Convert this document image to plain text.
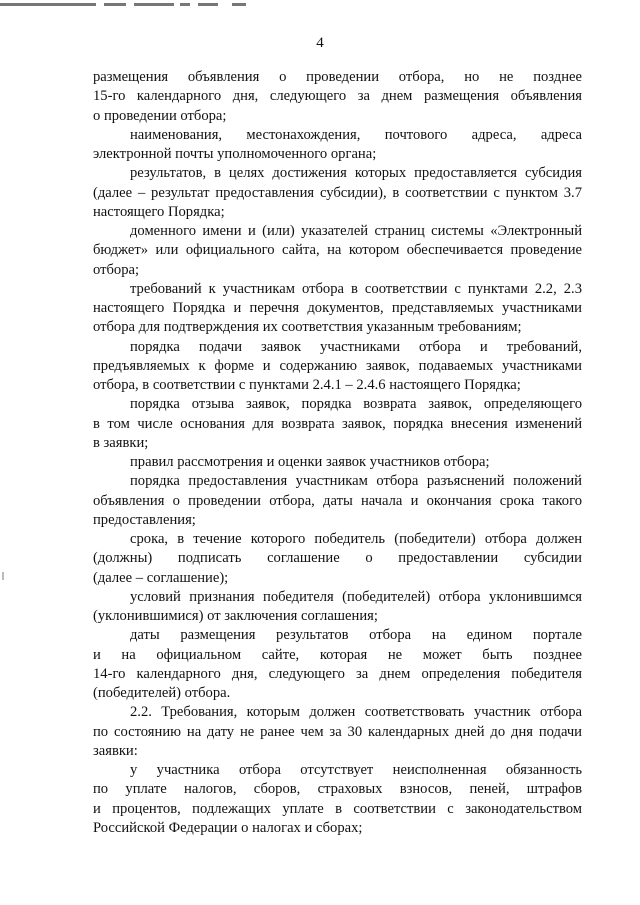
4
размещения объявления о проведении отбора, но не позднее
15-го календарного дня, следующего за днем размещения объявления
о проведении отбора;
наименования, местонахождения, почтового адреса, адреса
электронной почты уполномоченного органа;
результатов, в целях достижения которых предоставляется субсидия
(далее – результат предоставления субсидии), в соответствии с пунктом 3.7
настоящего Порядка;
доменного имени и (или) указателей страниц системы «Электронный
бюджет» или официального сайта, на котором обеспечивается проведение
отбора;
требований к участникам отбора в соответствии с пунктами 2.2, 2.3
настоящего Порядка и перечня документов, представляемых участниками
отбора для подтверждения их соответствия указанным требованиям;
порядка подачи заявок участниками отбора и требований,
предъявляемых к форме и содержанию заявок, подаваемых участниками
отбора, в соответствии с пунктами 2.4.1 – 2.4.6 настоящего Порядка;
порядка отзыва заявок, порядка возврата заявок, определяющего
в том числе основания для возврата заявок, порядка внесения изменений
в заявки;
правил рассмотрения и оценки заявок участников отбора;
порядка предоставления участникам отбора разъяснений положений
объявления о проведении отбора, даты начала и окончания срока такого
предоставления;
срока, в течение которого победитель (победители) отбора должен
(должны) подписать соглашение о предоставлении субсидии
(далее – соглашение);
условий признания победителя (победителей) отбора уклонившимся
(уклонившимися) от заключения соглашения;
даты размещения результатов отбора на едином портале
и на официальном сайте, которая не может быть позднее
14-го календарного дня, следующего за днем определения победителя
(победителей) отбора.
2.2. Требования, которым должен соответствовать участник отбора
по состоянию на дату не ранее чем за 30 календарных дней до дня подачи
заявки:
у участника отбора отсутствует неисполненная обязанность
по уплате налогов, сборов, страховых взносов, пеней, штрафов
и процентов, подлежащих уплате в соответствии с законодательством
Российской Федерации о налогах и сборах;
